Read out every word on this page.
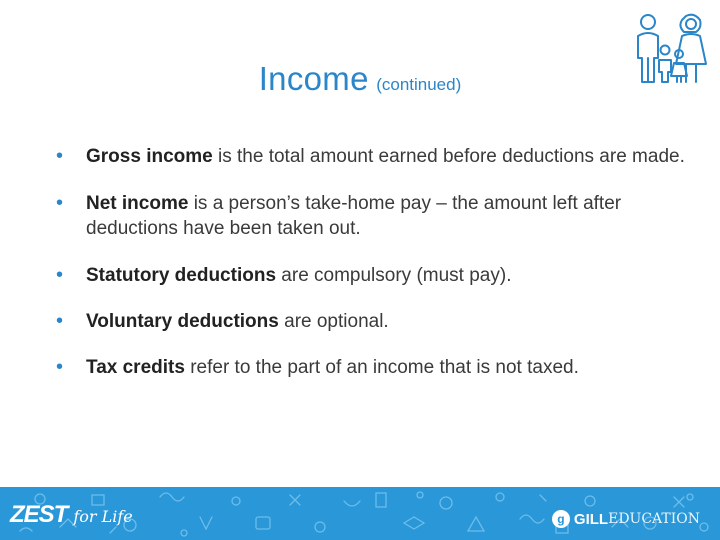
Income (continued)
• Gross income is the total amount earned before deductions are made.
• Net income is a person’s take-home pay – the amount left after deductions have been taken out.
• Statutory deductions are compulsory (must pay).
• Voluntary deductions are optional.
• Tax credits refer to the part of an income that is not taxed.
ZEST for Life	g GILL EDUCATION
